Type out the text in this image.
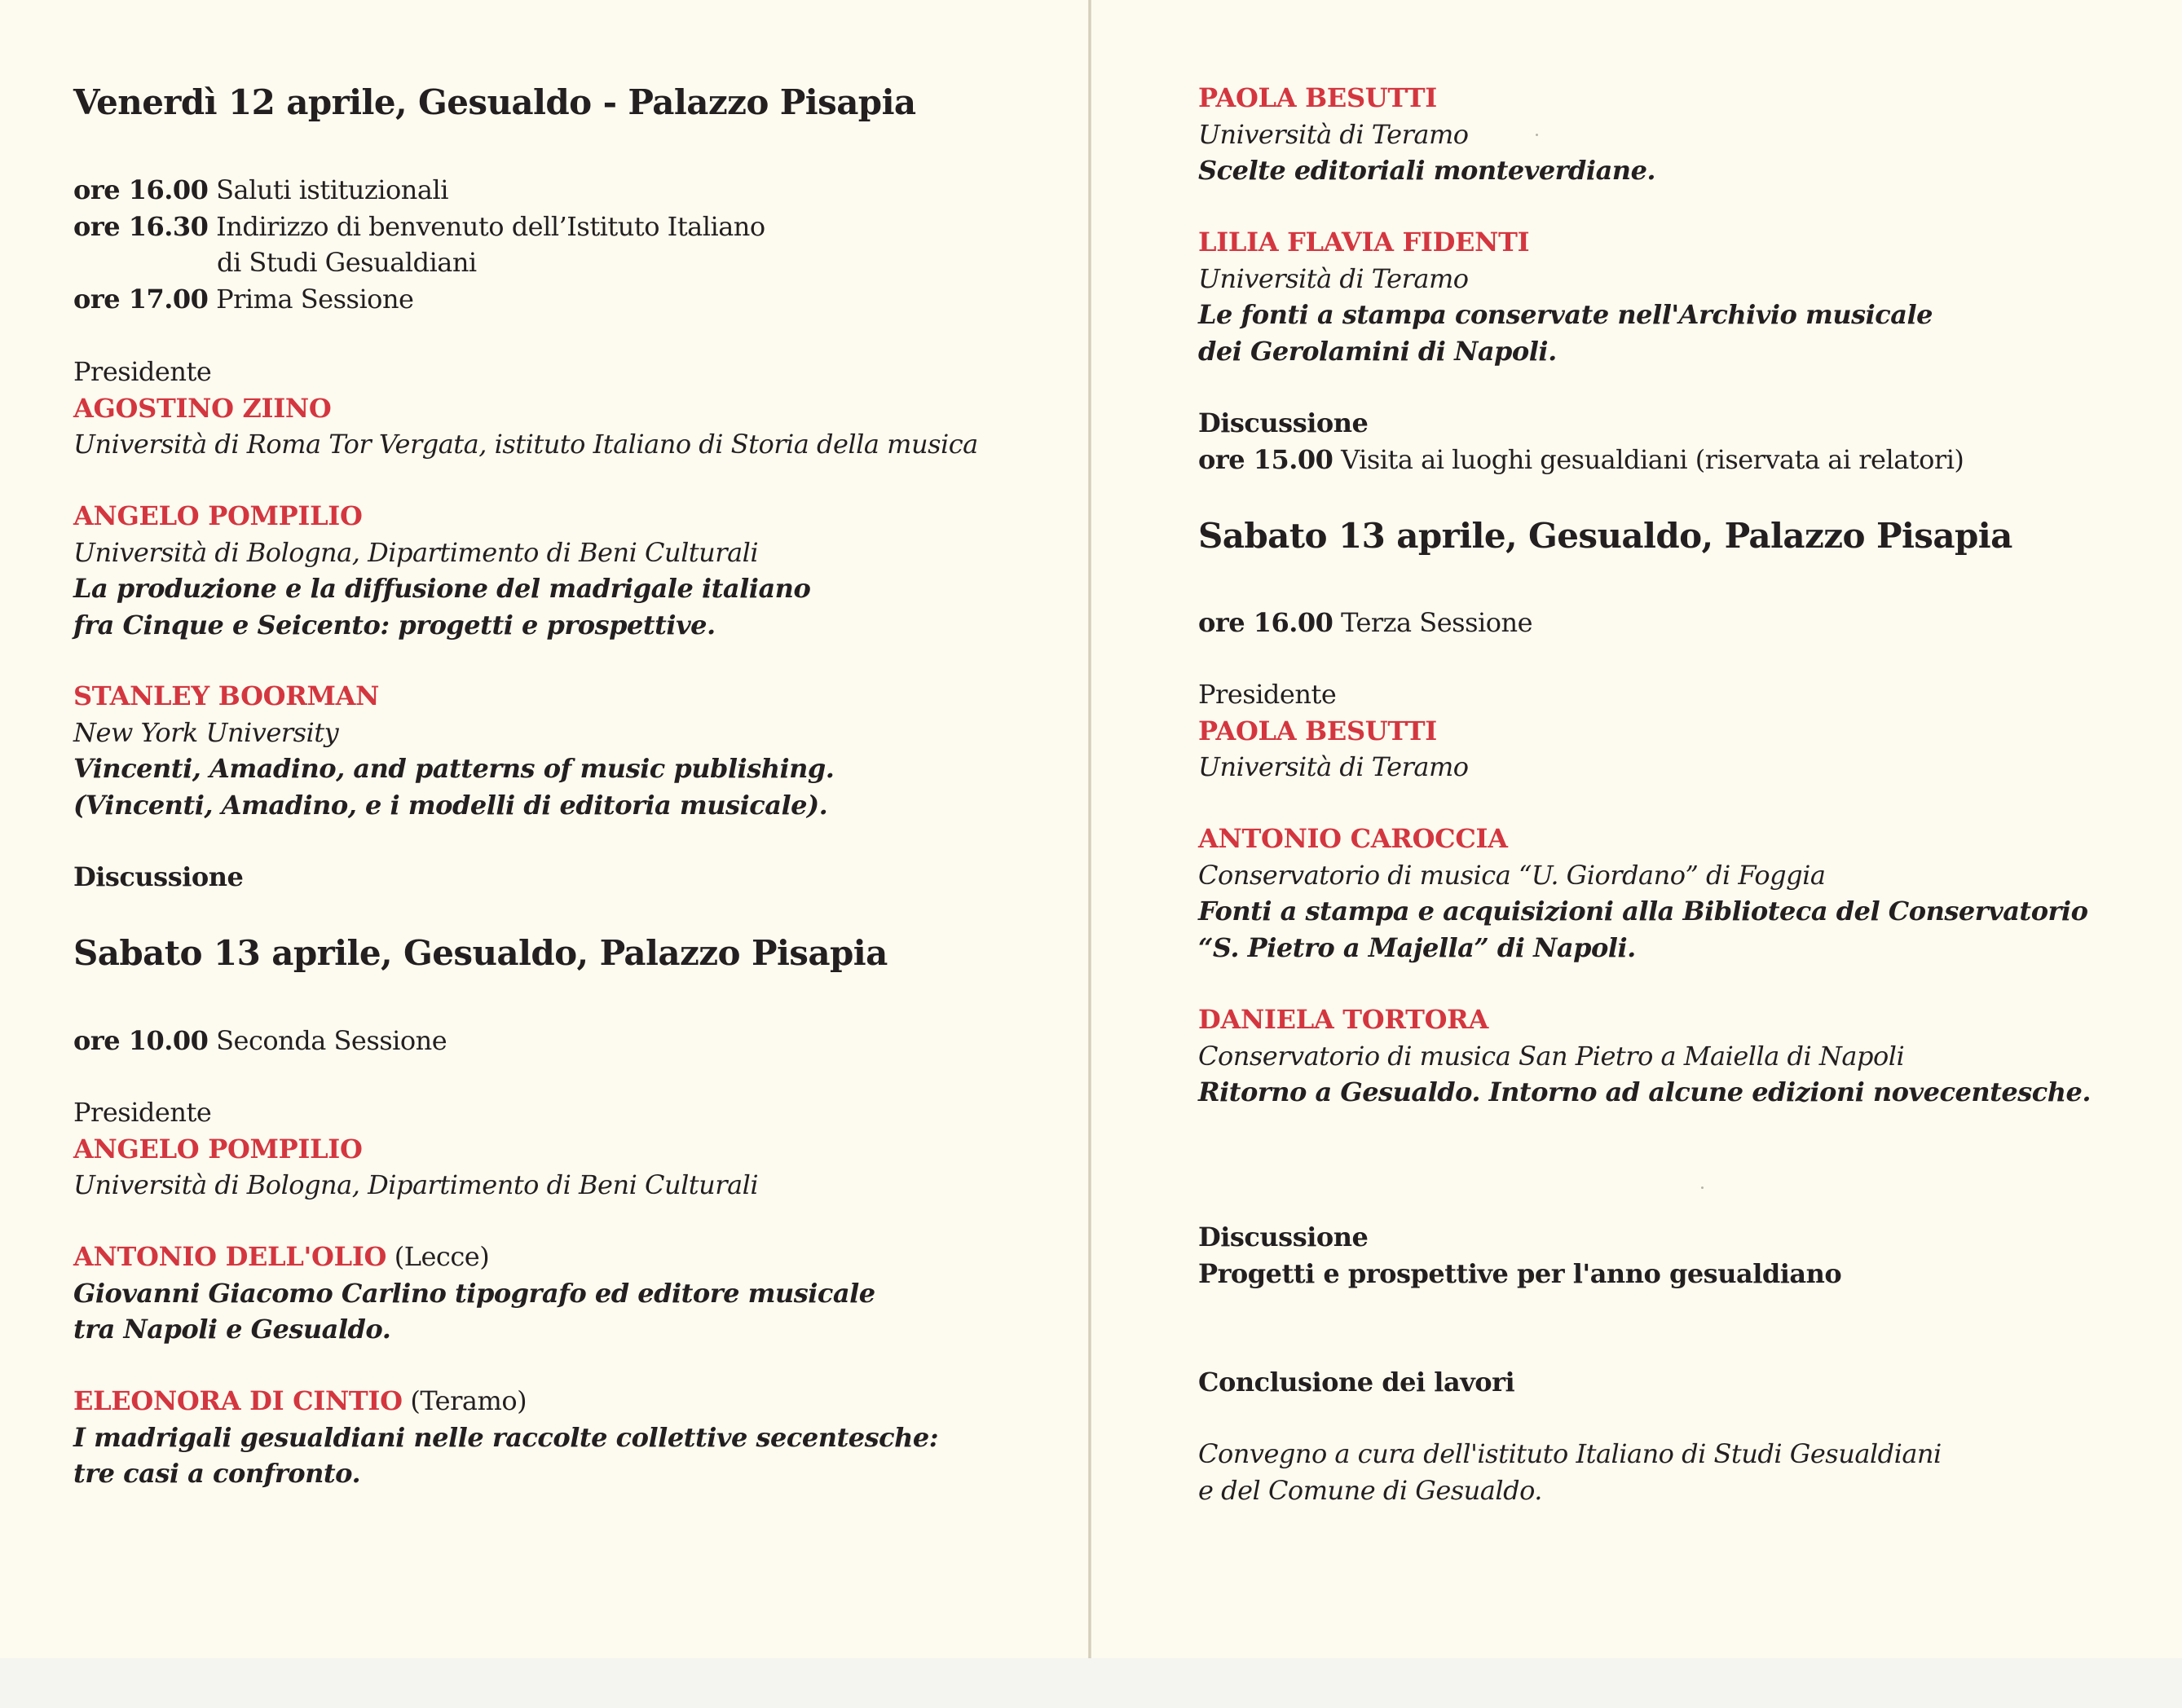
Venerdì 12 aprile, Gesualdo - Palazzo Pisapia
ore 16.00 Saluti istituzionali
ore 16.30 Indirizzo di benvenuto dell’Istituto Italiano
di Studi Gesualdiani
ore 17.00 Prima Sessione
Presidente
AGOSTINO ZIINO
Università di Roma Tor Vergata, istituto Italiano di Storia della musica
ANGELO POMPILIO
Università di Bologna, Dipartimento di Beni Culturali
La produzione e la diffusione del madrigale italiano
fra Cinque e Seicento: progetti e prospettive.
STANLEY BOORMAN
New York University
Vincenti, Amadino, and patterns of music publishing.
(Vincenti, Amadino, e i modelli di editoria musicale).
Discussione
Sabato 13 aprile, Gesualdo, Palazzo Pisapia
ore 10.00 Seconda Sessione
Presidente
ANGELO POMPILIO
Università di Bologna, Dipartimento di Beni Culturali
ANTONIO DELL'OLIO (Lecce)
Giovanni Giacomo Carlino tipografo ed editore musicale
tra Napoli e Gesualdo.
ELEONORA DI CINTIO (Teramo)
I madrigali gesualdiani nelle raccolte collettive secentesche:
tre casi a confronto.
PAOLA BESUTTI
Università di Teramo
Scelte editoriali monteverdiane.
LILIA FLAVIA FIDENTI
Università di Teramo
Le fonti a stampa conservate nell'Archivio musicale
dei Gerolamini di Napoli.
Discussione
ore 15.00 Visita ai luoghi gesualdiani (riservata ai relatori)
Sabato 13 aprile, Gesualdo, Palazzo Pisapia
ore 16.00 Terza Sessione
Presidente
PAOLA BESUTTI
Università di Teramo
ANTONIO CAROCCIA
Conservatorio di musica “U. Giordano” di Foggia
Fonti a stampa e acquisizioni alla Biblioteca del Conservatorio
“S. Pietro a Majella” di Napoli.
DANIELA TORTORA
Conservatorio di musica San Pietro a Maiella di Napoli
Ritorno a Gesualdo. Intorno ad alcune edizioni novecentesche.
Discussione
Progetti e prospettive per l'anno gesualdiano
Conclusione dei lavori
Convegno a cura dell'istituto Italiano di Studi Gesualdiani
e del Comune di Gesualdo.
